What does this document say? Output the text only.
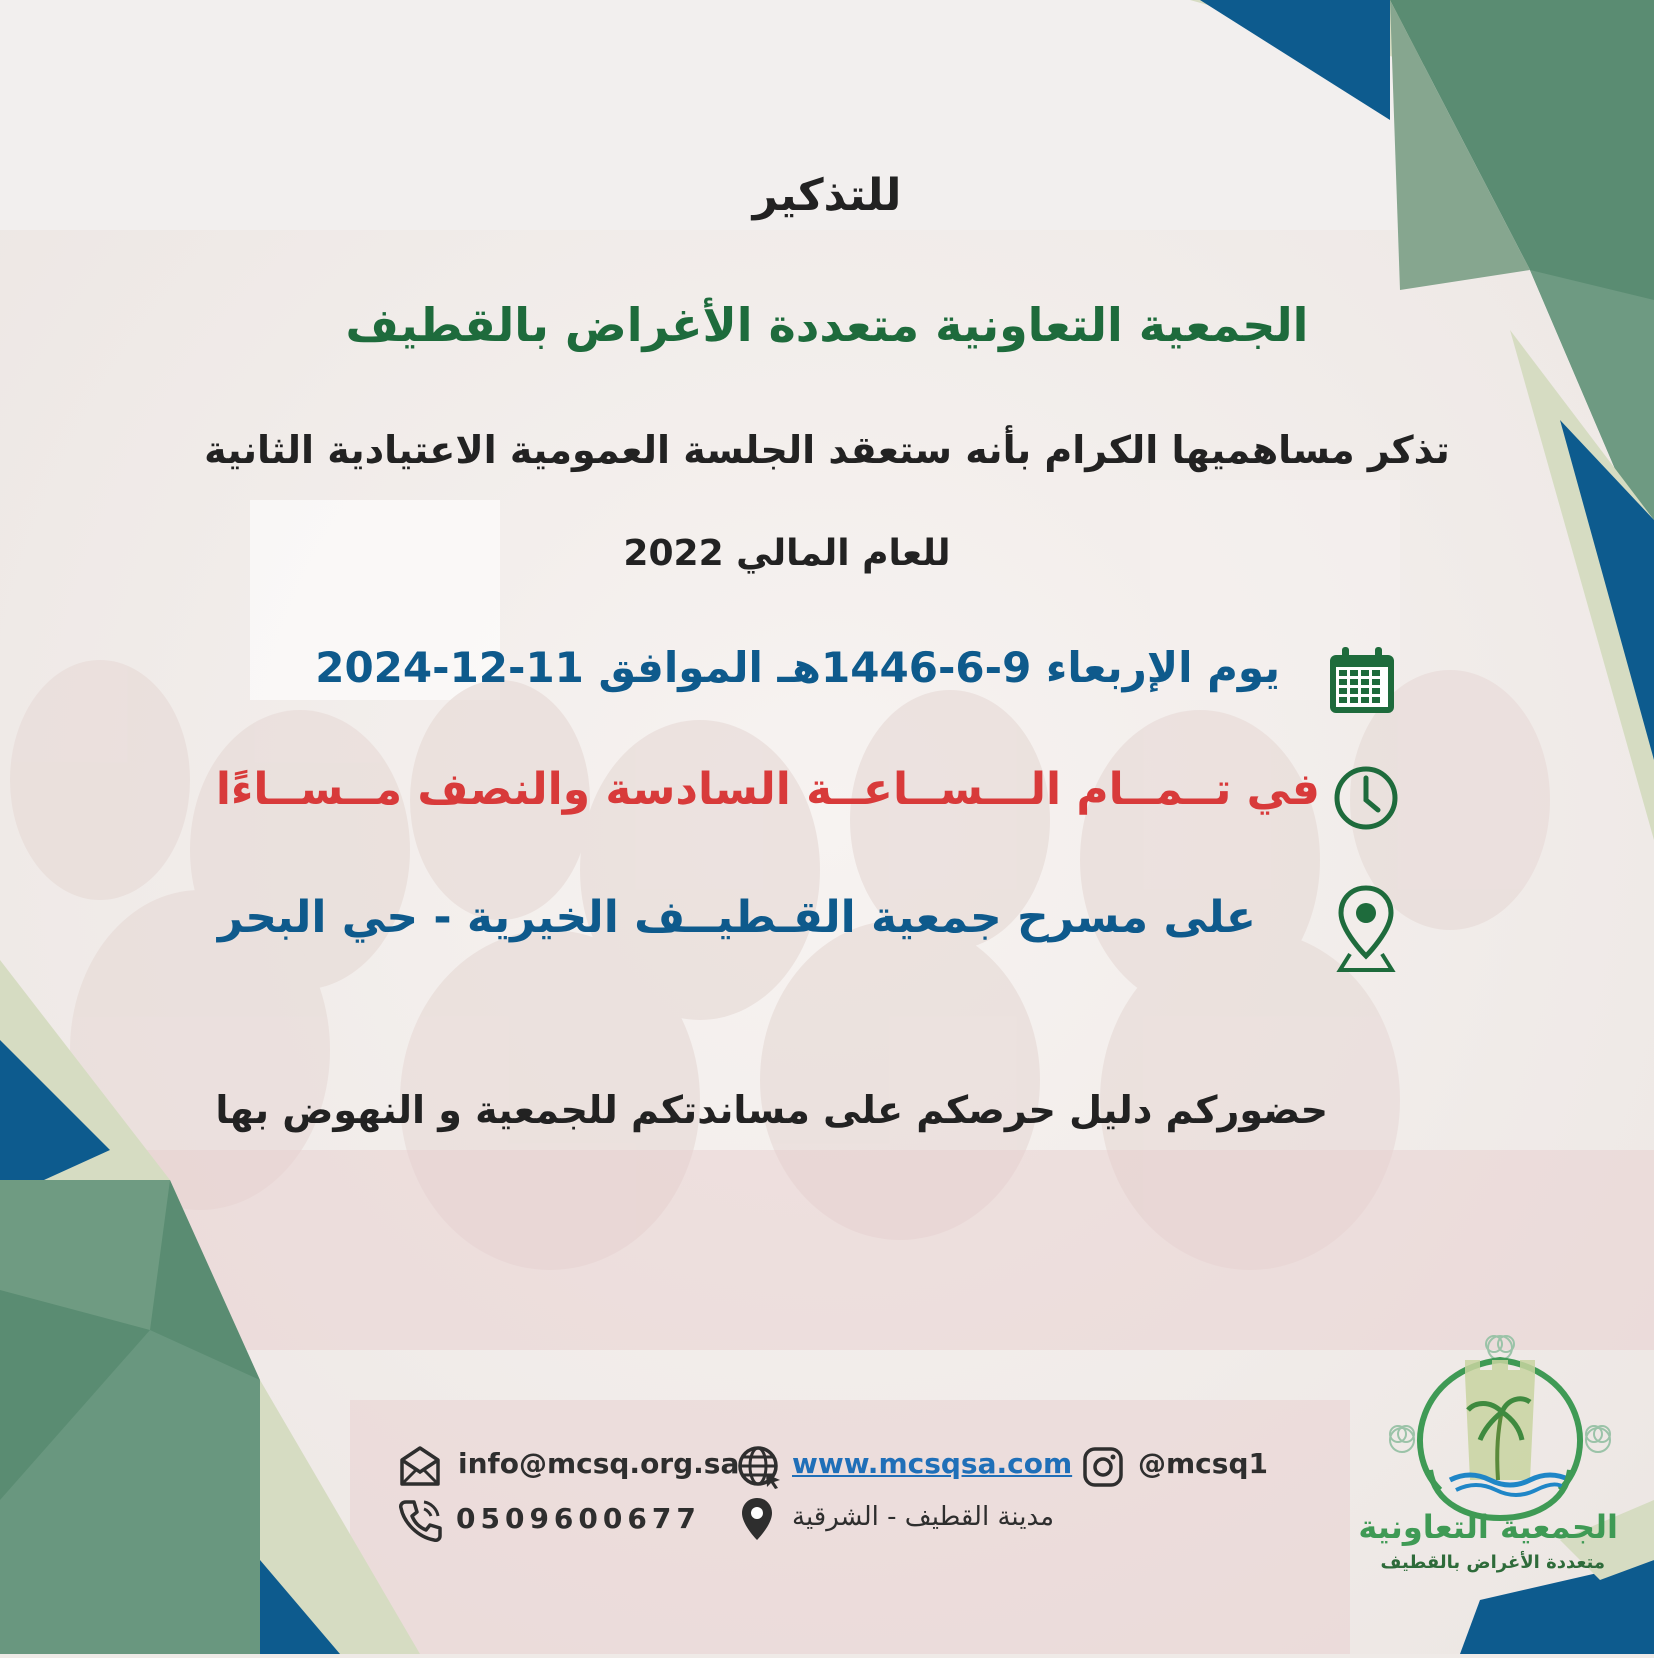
للتذكير
الجمعية التعاونية متعددة الأغراض بالقطيف
تذكر مساهميها الكرام بأنه ستعقد الجلسة العمومية الاعتيادية الثانية
للعام المالي 2022
يوم الإربعاء 9-6-1446هـ الموافق 11-12-2024
في تــمــام الـــســاعــة السادسة والنصف مــســاءًا
على مسرح جمعية القـطيــف الخيرية - حي البحر
حضوركم دليل حرصكم على مساندتكم للجمعية و النهوض بها
info@mcsq.org.sa www.mcsqsa.com @mcsq1
0509600677	مدينة القطيف - الشرقية	الجمعية التعاونية
متعددة الأغراض بالقطيف
